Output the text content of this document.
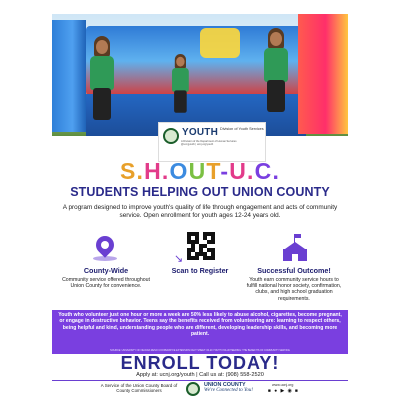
YOUTH Division of Youth Services
A Division of the Department of Human Services
@ucnjyouth | ucnj.org/youth
S.H.OUT-U.C.
STUDENTS HELPING OUT UNION COUNTY
A program designed to improve youth's quality of life through engagement and acts of community service. Open enrollment for youth ages 12-24 years old.
County-Wide
Community service offered throughout Union County for convenience.
↘
Scan to Register	Successful Outcome!
Youth earn community service hours to fulfill national honor society, confirmation, clubs, and high school graduation requirements.
Youth who volunteer just one hour or more a week are 50% less likely to abuse alcohol, cigarettes, become pregnant, or engage in destructive behavior. Teens say the benefits received from volunteering are: learning to respect others, being helpful and kind, understanding people who are different, developing leadership skills, and becoming more patient.
SOURCE: UNIVERSITY OF NEVADA RENO COOPERATIVE EXTENSION FACT SHEET: 00-20 YOUTH VOLUNTEERING: THE BENEFITS OF COMMUNITY SERVICE
ENROLL TODAY!
Apply at: ucnj.org/youth | Call us at: (908) 558-2520
A Service of the Union County Board of County Commissioners
UNION COUNTY
We're Connected to You!
www.ucnj.org
■ ● ▶ ◉ ■
